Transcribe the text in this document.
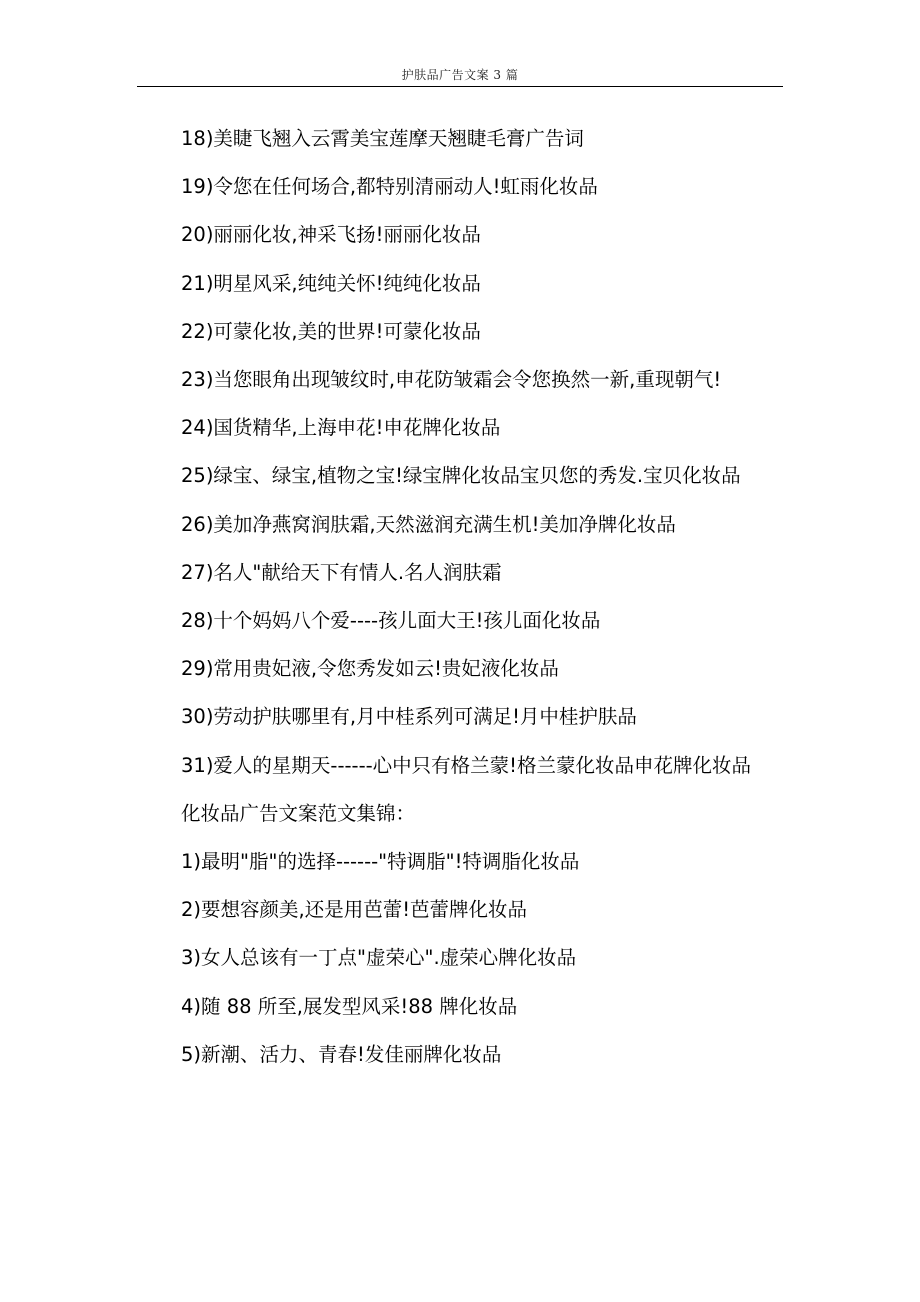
护肤品广告文案 3 篇

18)美睫飞翘入云霄美宝莲摩天翘睫毛膏广告词

19)令您在任何场合,都特别清丽动人!虹雨化妆品

20)丽丽化妆,神采飞扬!丽丽化妆品

21)明星风采,纯纯关怀!纯纯化妆品

22)可蒙化妆,美的世界!可蒙化妆品

23)当您眼角出现皱纹时,申花防皱霜会令您换然一新,重现朝气!

24)国货精华,上海申花!申花牌化妆品

25)绿宝、绿宝,植物之宝!绿宝牌化妆品宝贝您的秀发.宝贝化妆品

26)美加净燕窝润肤霜,天然滋润充满生机!美加净牌化妆品

27)名人"献给天下有情人.名人润肤霜

28)十个妈妈八个爱----孩儿面大王!孩儿面化妆品

29)常用贵妃液,令您秀发如云!贵妃液化妆品

30)劳动护肤哪里有,月中桂系列可满足!月中桂护肤品

31)爱人的星期天------心中只有格兰蒙!格兰蒙化妆品申花牌化妆品

化妆品广告文案范文集锦：

1)最明"脂"的选择------"特调脂"!特调脂化妆品

2)要想容颜美,还是用芭蕾!芭蕾牌化妆品

3)女人总该有一丁点"虚荣心".虚荣心牌化妆品

4)随 88 所至,展发型风采!88 牌化妆品

5)新潮、活力、青春!发佳丽牌化妆品
